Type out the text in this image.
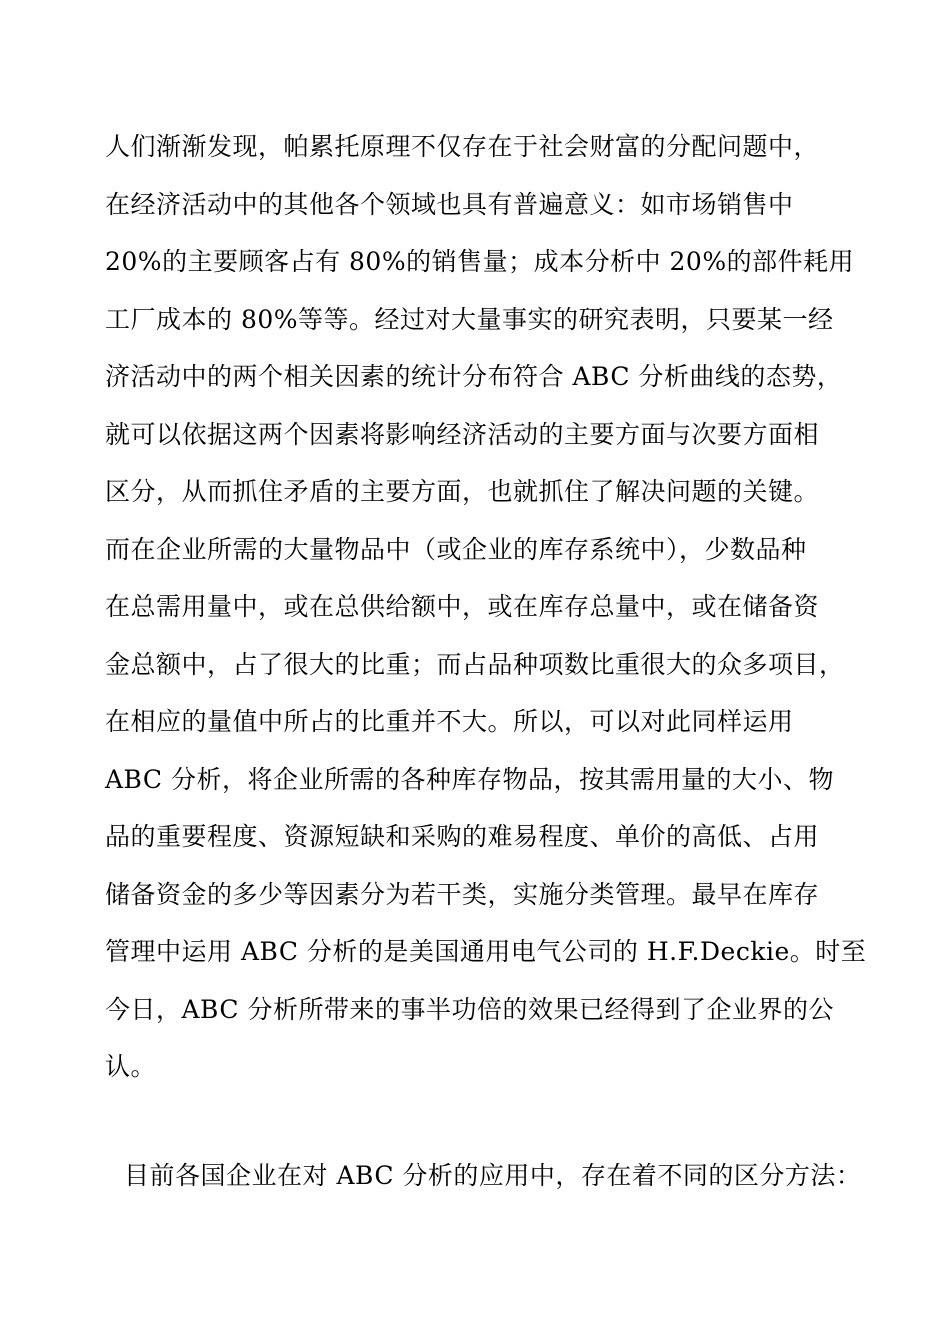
人们渐渐发现，帕累托原理不仅存在于社会财富的分配问题中，
在经济活动中的其他各个领域也具有普遍意义：如市场销售中
20%的主要顾客占有 80%的销售量；成本分析中 20%的部件耗用
工厂成本的 80%等等。经过对大量事实的研究表明，只要某一经
济活动中的两个相关因素的统计分布符合 ABC 分析曲线的态势，
就可以依据这两个因素将影响经济活动的主要方面与次要方面相
区分，从而抓住矛盾的主要方面，也就抓住了解决问题的关键。
而在企业所需的大量物品中（或企业的库存系统中），少数品种
在总需用量中，或在总供给额中，或在库存总量中，或在储备资
金总额中，占了很大的比重；而占品种项数比重很大的众多项目，
在相应的量值中所占的比重并不大。所以，可以对此同样运用
ABC 分析，将企业所需的各种库存物品，按其需用量的大小、物
品的重要程度、资源短缺和采购的难易程度、单价的高低、占用
储备资金的多少等因素分为若干类，实施分类管理。最早在库存
管理中运用 ABC 分析的是美国通用电气公司的 H.F.Deckie。时至
今日，ABC 分析所带来的事半功倍的效果已经得到了企业界的公
认。
目前各国企业在对 ABC 分析的应用中，存在着不同的区分方法：
